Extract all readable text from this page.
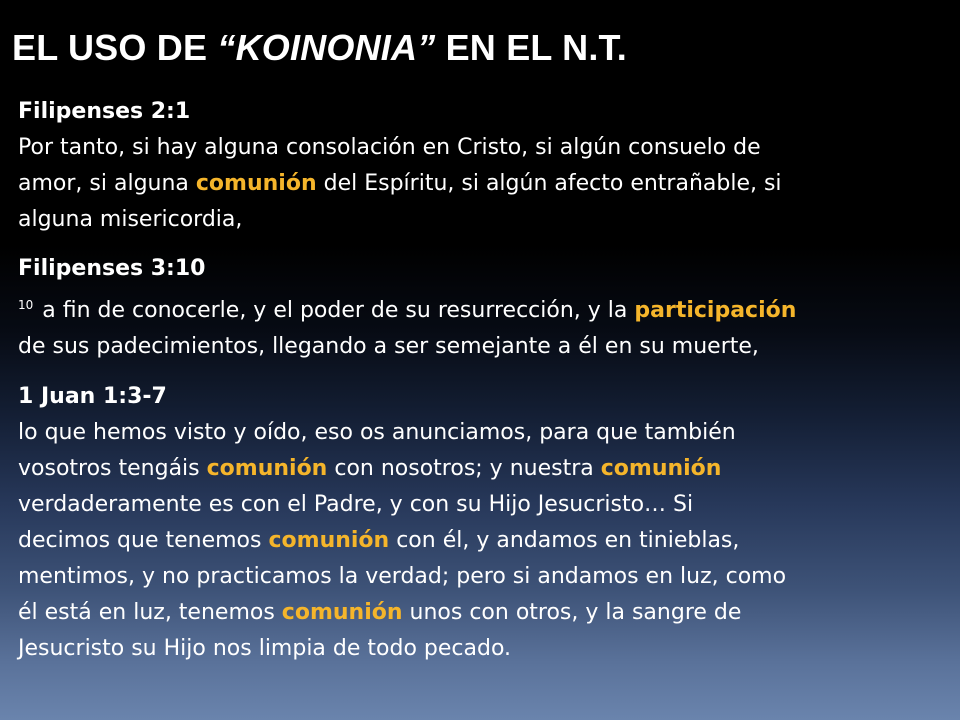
EL USO DE “KOINONIA” EN EL N.T.
Filipenses 2:1
Por tanto, si hay alguna consolación en Cristo, si algún consuelo de
amor, si alguna comunión del Espíritu, si algún afecto entrañable, si
alguna misericordia,
Filipenses 3:10
$^{10}$ a fin de conocerle, y el poder de su resurrección, y la participación
de sus padecimientos, llegando a ser semejante a él en su muerte,
1 Juan 1:3-7
lo que hemos visto y oído, eso os anunciamos, para que también
vosotros tengáis comunión con nosotros; y nuestra comunión
verdaderamente es con el Padre, y con su Hijo Jesucristo… Si
decimos que tenemos comunión con él, y andamos en tinieblas,
mentimos, y no practicamos la verdad; pero si andamos en luz, como
él está en luz, tenemos comunión unos con otros, y la sangre de
Jesucristo su Hijo nos limpia de todo pecado.
